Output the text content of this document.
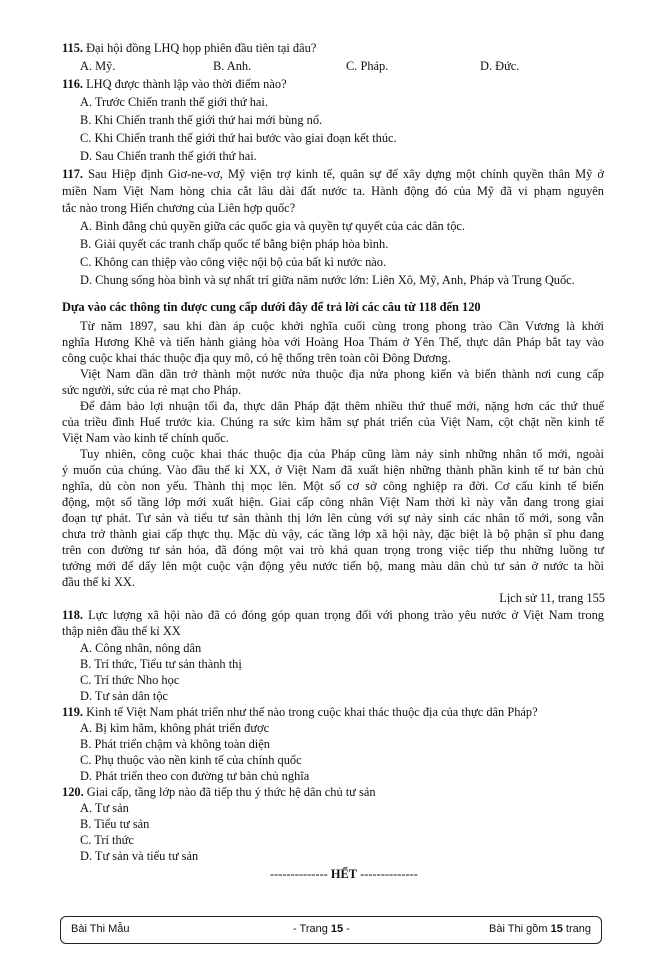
115. Đại hội đồng LHQ họp phiên đầu tiên tại đâu?
A. Mỹ.	B. Anh.	C. Pháp.	D. Đức.
116. LHQ được thành lập vào thời điểm nào?
A. Trước Chiến tranh thế giới thứ hai.
B. Khi Chiến tranh thế giới thứ hai mới bùng nổ.
C. Khi Chiến tranh thế giới thứ hai bước vào giai đoạn kết thúc.
D. Sau Chiến tranh thế giới thứ hai.
117. Sau Hiệp định Giơ-ne-vơ, Mỹ viện trợ kinh tế, quân sự để xây dựng một chính quyền thân Mỹ ở
miền Nam Việt Nam hòng chia cắt lâu dài đất nước ta. Hành động đó của Mỹ đã vi phạm nguyên
tắc nào trong Hiến chương của Liên hợp quốc?
A. Bình đẳng chủ quyền giữa các quốc gia và quyền tự quyết của các dân tộc.
B. Giải quyết các tranh chấp quốc tế bằng biện pháp hòa bình.
C. Không can thiệp vào công việc nội bộ của bất kì nước nào.
D. Chung sống hòa bình và sự nhất trí giữa năm nước lớn: Liên Xô, Mỹ, Anh, Pháp và Trung Quốc.
Dựa vào các thông tin được cung cấp dưới đây để trả lời các câu từ 118 đến 120
Từ năm 1897, sau khi đàn áp cuộc khởi nghĩa cuối cùng trong phong trào Cần Vương là khởi
nghĩa Hương Khê và tiến hành giảng hòa với Hoàng Hoa Thám ở Yên Thế, thực dân Pháp bắt tay vào
công cuộc khai thác thuộc địa quy mô, có hệ thống trên toàn cõi Đông Dương.
Việt Nam dần dần trở thành một nước nửa thuộc địa nửa phong kiến và biến thành nơi cung cấp
sức người, sức của rẻ mạt cho Pháp.
Để đảm bảo lợi nhuận tối đa, thực dân Pháp đặt thêm nhiều thứ thuế mới, nặng hơn các thứ thuế
của triều đình Huế trước kia. Chúng ra sức kìm hãm sự phát triển của Việt Nam, cột chặt nền kinh tế
Việt Nam vào kinh tế chính quốc.
Tuy nhiên, công cuộc khai thác thuộc địa của Pháp cũng làm nảy sinh những nhân tố mới, ngoài
ý muốn của chúng. Vào đầu thế kỉ XX, ở Việt Nam đã xuất hiện những thành phần kinh tế tư bản chủ
nghĩa, dù còn non yếu. Thành thị mọc lên. Một số cơ sở công nghiệp ra đời. Cơ cấu kinh tế biến
động, một số tầng lớp mới xuất hiện. Giai cấp công nhân Việt Nam thời kì này vẫn đang trong giai
đoạn tự phát. Tư sản và tiểu tư sản thành thị lớn lên cùng với sự nảy sinh các nhân tố mới, song vẫn
chưa trở thành giai cấp thực thụ. Mặc dù vậy, các tầng lớp xã hội này, đặc biệt là bộ phận sĩ phu đang
trên con đường tư sản hóa, đã đóng một vai trò khá quan trọng trong việc tiếp thu những luồng tư
tưởng mới để dấy lên một cuộc vận động yêu nước tiến bộ, mang màu dân chủ tư sản ở nước ta hồi
đầu thế kỉ XX.
Lịch sử 11, trang 155
118. Lực lượng xã hội nào đã có đóng góp quan trọng đối với phong trào yêu nước ở Việt Nam trong
thập niên đầu thế kỉ XX
A. Công nhân, nông dân
B. Trí thức, Tiểu tư sản thành thị
C. Trí thức Nho học
D. Tư sản dân tộc
119. Kinh tế Việt Nam phát triển như thế nào trong cuộc khai thác thuộc địa của thực dân Pháp?
A. Bị kìm hãm, không phát triển được
B. Phát triển chậm và không toàn diện
C. Phụ thuộc vào nền kinh tế của chính quốc
D. Phát triển theo con đường tư bản chủ nghĩa
120. Giai cấp, tầng lớp nào đã tiếp thu ý thức hệ dân chủ tư sản
A. Tư sản
B. Tiểu tư sản
C. Trí thức
D. Tư sản và tiểu tư sản
-------------- HẾT --------------
Bài Thi Mẫu	- Trang 15 -	Bài Thi gồm 15 trang
